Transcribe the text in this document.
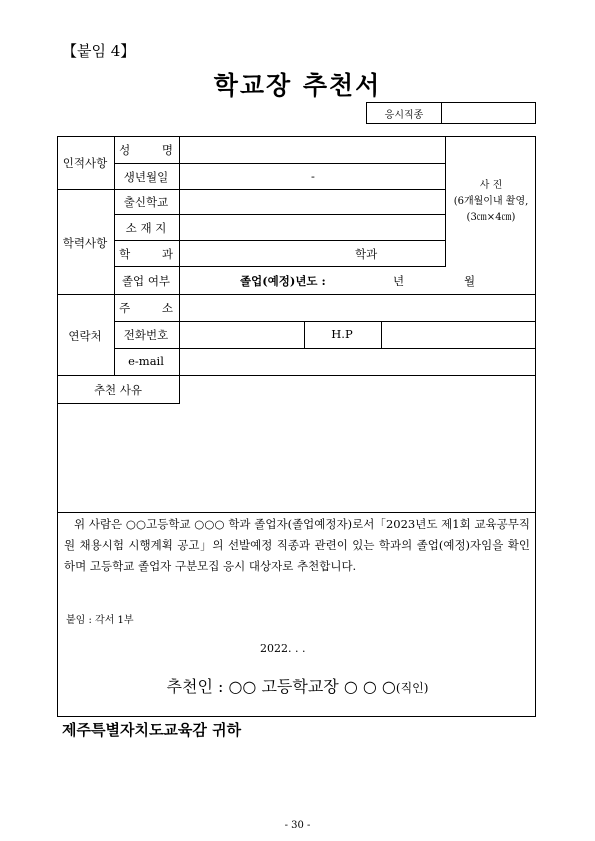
【붙임 4】
학교장 추천서
응시직종
인적사항
학력사항
연락처
추천 사유
성 명
생년월일
출신학교
소 재 지
학 과
졸업 여부
주 소
전화번호
e-mail
-
학과
졸업(예정)년도 :	년	월
H.P
사 진
(6개월이내 촬영,
(3㎝×4㎝)
위 사람은 ○○고등학교 ○○○ 학과 졸업자(졸업예정자)로서「2023년도 제1회 교육공무직원 채용시험 시행계획 공고」의 선발예정 직종과 관련이 있는 학과의 졸업(예정)자임을 확인하며 고등학교 졸업자 구분모집 응시 대상자로 추천합니다.
붙임 : 각서 1부
2022. . .
추천인 : ○○ 고등학교장 ○ ○ ○(직인)
제주특별자치도교육감 귀하
- 30 -
